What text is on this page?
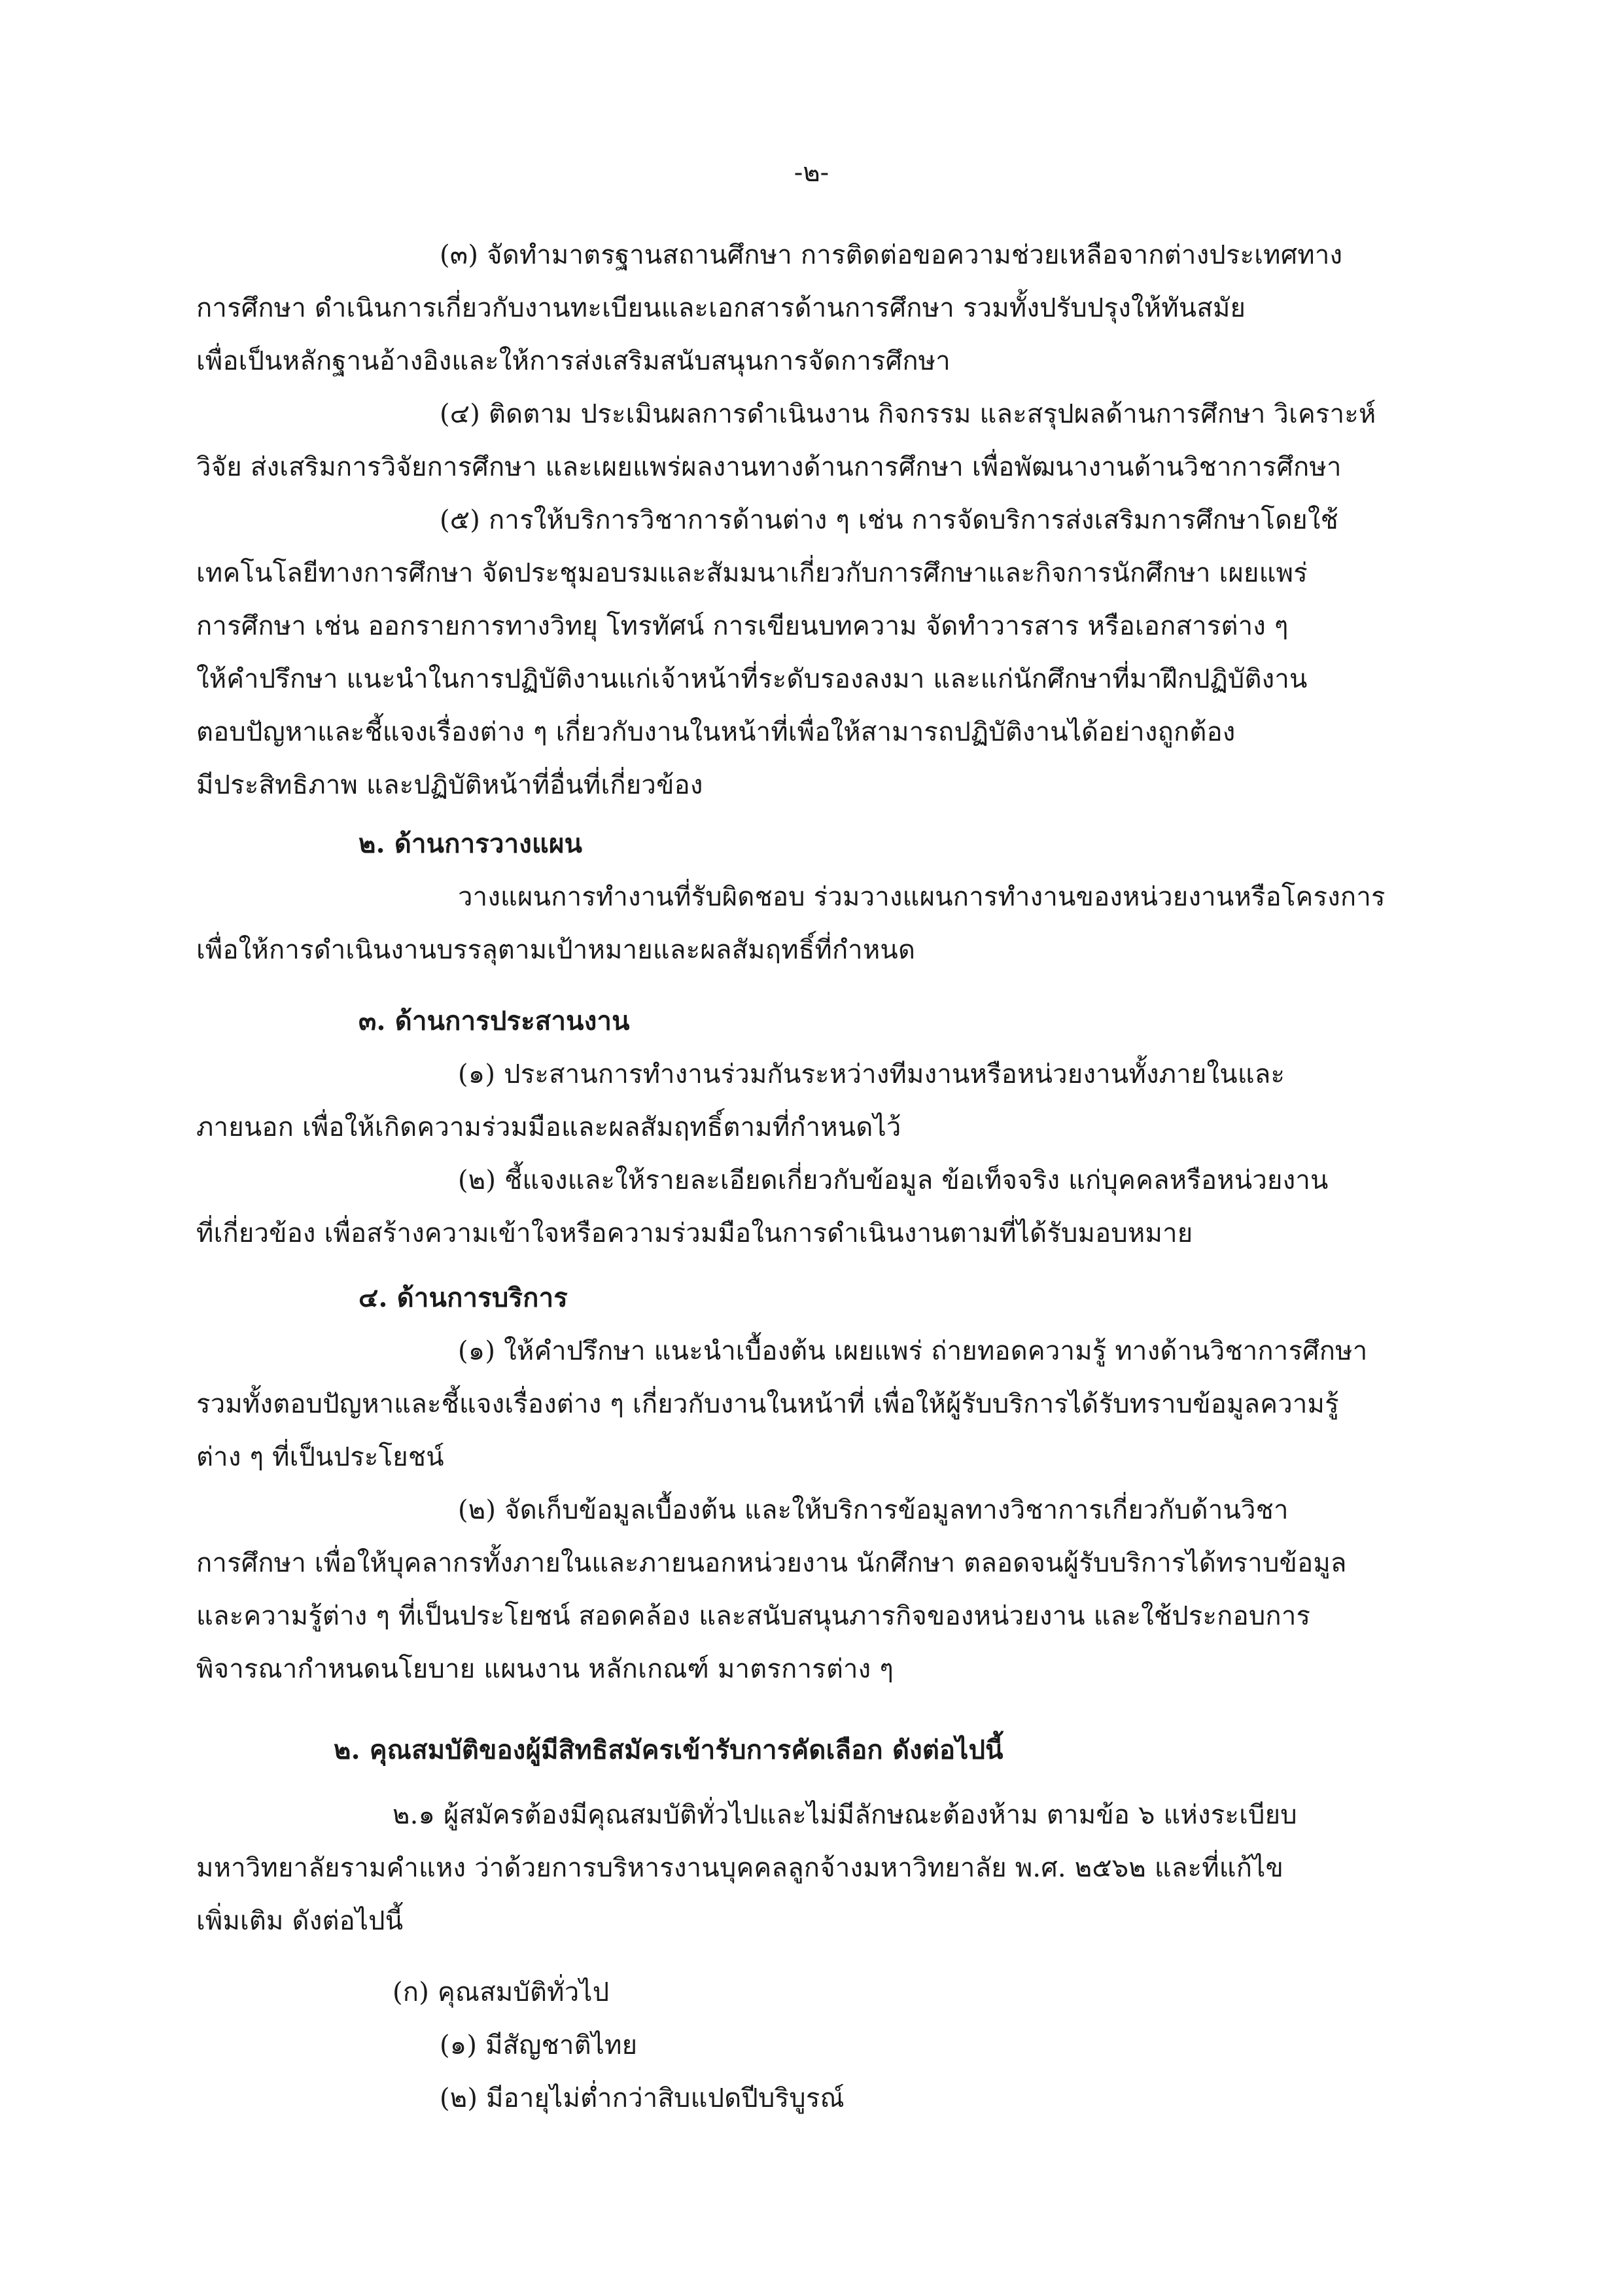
-๒-
(๓) จัดทำมาตรฐานสถานศึกษา การติดต่อขอความช่วยเหลือจากต่างประเทศทาง
การศึกษา ดำเนินการเกี่ยวกับงานทะเบียนและเอกสารด้านการศึกษา รวมทั้งปรับปรุงให้ทันสมัย
เพื่อเป็นหลักฐานอ้างอิงและให้การส่งเสริมสนับสนุนการจัดการศึกษา
(๔) ติดตาม ประเมินผลการดำเนินงาน กิจกรรม และสรุปผลด้านการศึกษา วิเคราะห์
วิจัย ส่งเสริมการวิจัยการศึกษา และเผยแพร่ผลงานทางด้านการศึกษา เพื่อพัฒนางานด้านวิชาการศึกษา
(๕) การให้บริการวิชาการด้านต่าง ๆ เช่น การจัดบริการส่งเสริมการศึกษาโดยใช้
เทคโนโลยีทางการศึกษา จัดประชุมอบรมและสัมมนาเกี่ยวกับการศึกษาและกิจการนักศึกษา เผยแพร่
การศึกษา เช่น ออกรายการทางวิทยุ โทรทัศน์ การเขียนบทความ จัดทำวารสาร หรือเอกสารต่าง ๆ
ให้คำปรึกษา แนะนำในการปฏิบัติงานแก่เจ้าหน้าที่ระดับรองลงมา และแก่นักศึกษาที่มาฝึกปฏิบัติงาน
ตอบปัญหาและชี้แจงเรื่องต่าง ๆ เกี่ยวกับงานในหน้าที่เพื่อให้สามารถปฏิบัติงานได้อย่างถูกต้อง
มีประสิทธิภาพ และปฏิบัติหน้าที่อื่นที่เกี่ยวข้อง
๒. ด้านการวางแผน
วางแผนการทำงานที่รับผิดชอบ ร่วมวางแผนการทำงานของหน่วยงานหรือโครงการ
เพื่อให้การดำเนินงานบรรลุตามเป้าหมายและผลสัมฤทธิ์ที่กำหนด
๓. ด้านการประสานงาน
(๑) ประสานการทำงานร่วมกันระหว่างทีมงานหรือหน่วยงานทั้งภายในและ
ภายนอก เพื่อให้เกิดความร่วมมือและผลสัมฤทธิ์ตามที่กำหนดไว้
(๒) ชี้แจงและให้รายละเอียดเกี่ยวกับข้อมูล ข้อเท็จจริง แก่บุคคลหรือหน่วยงาน
ที่เกี่ยวข้อง เพื่อสร้างความเข้าใจหรือความร่วมมือในการดำเนินงานตามที่ได้รับมอบหมาย
๔. ด้านการบริการ
(๑) ให้คำปรึกษา แนะนำเบื้องต้น เผยแพร่ ถ่ายทอดความรู้ ทางด้านวิชาการศึกษา
รวมทั้งตอบปัญหาและชี้แจงเรื่องต่าง ๆ เกี่ยวกับงานในหน้าที่ เพื่อให้ผู้รับบริการได้รับทราบข้อมูลความรู้
ต่าง ๆ ที่เป็นประโยชน์
(๒) จัดเก็บข้อมูลเบื้องต้น และให้บริการข้อมูลทางวิชาการเกี่ยวกับด้านวิชา
การศึกษา เพื่อให้บุคลากรทั้งภายในและภายนอกหน่วยงาน นักศึกษา ตลอดจนผู้รับบริการได้ทราบข้อมูล
และความรู้ต่าง ๆ ที่เป็นประโยชน์ สอดคล้อง และสนับสนุนภารกิจของหน่วยงาน และใช้ประกอบการ
พิจารณากำหนดนโยบาย แผนงาน หลักเกณฑ์ มาตรการต่าง ๆ
๒. คุณสมบัติของผู้มีสิทธิสมัครเข้ารับการคัดเลือก ดังต่อไปนี้
๒.๑ ผู้สมัครต้องมีคุณสมบัติทั่วไปและไม่มีลักษณะต้องห้าม ตามข้อ ๖ แห่งระเบียบ
มหาวิทยาลัยรามคำแหง ว่าด้วยการบริหารงานบุคคลลูกจ้างมหาวิทยาลัย พ.ศ. ๒๕๖๒ และที่แก้ไข
เพิ่มเติม ดังต่อไปนี้
(ก) คุณสมบัติทั่วไป
(๑) มีสัญชาติไทย
(๒) มีอายุไม่ต่ำกว่าสิบแปดปีบริบูรณ์
